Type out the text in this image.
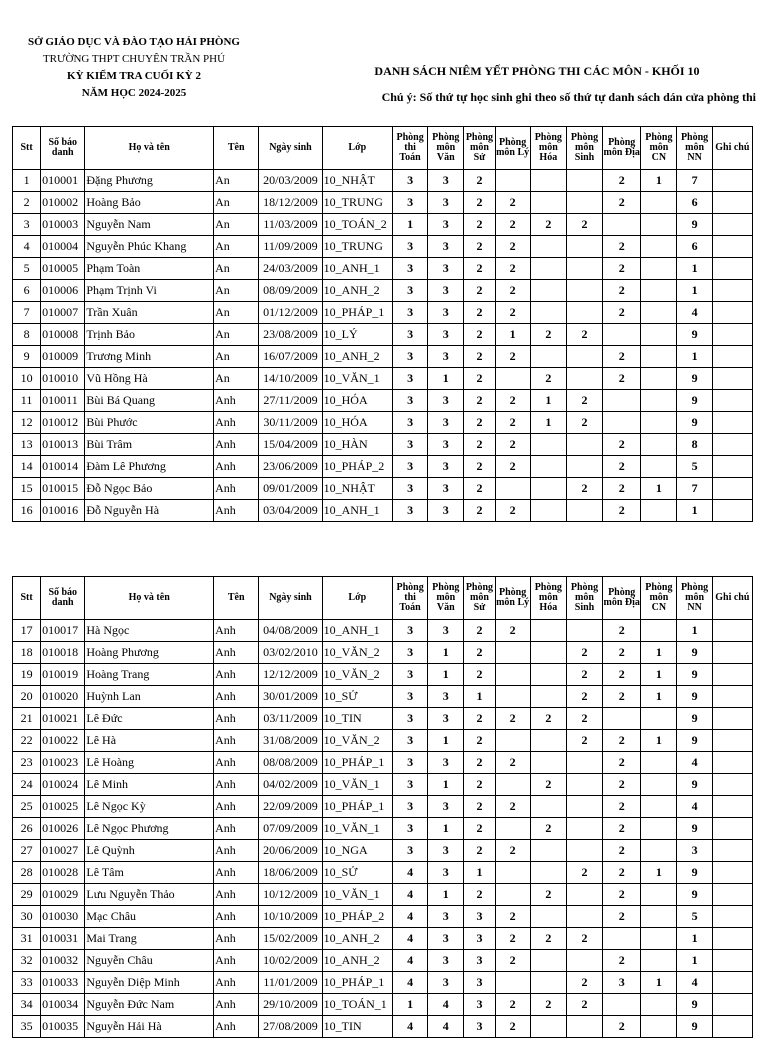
SỞ GIÁO DỤC VÀ ĐÀO TẠO HẢI PHÒNG
TRƯỜNG THPT CHUYÊN TRẦN PHÚ
KỲ KIỂM TRA CUỐI KỲ 2
NĂM HỌC 2024-2025
DANH SÁCH NIÊM YẾT PHÒNG THI CÁC MÔN - KHỐI 10
Chú ý: Số thứ tự học sinh ghi theo số thứ tự danh sách dán cửa phòng thi
Stt	Số báo danh	Họ và tên	Tên	Ngày sinh	Lớp	Phòng thi Toán	Phòng môn Văn	Phòng môn Sử	Phòng môn Lý	Phòng môn Hóa	Phòng môn Sinh	Phòng môn Địa	Phòng môn CN	Phòng môn NN	Ghi chú
1	010001	Đặng Phương	An	20/03/2009	10_NHẬT	3	3	2				2	1	7	
2	010002	Hoàng Bảo	An	18/12/2009	10_TRUNG	3	3	2	2			2		6	
3	010003	Nguyễn Nam	An	11/03/2009	10_TOÁN_2	1	3	2	2	2	2			9	
4	010004	Nguyễn Phúc Khang	An	11/09/2009	10_TRUNG	3	3	2	2			2		6	
5	010005	Phạm Toàn	An	24/03/2009	10_ANH_1	3	3	2	2			2		1	
6	010006	Phạm Trịnh Vi	An	08/09/2009	10_ANH_2	3	3	2	2			2		1	
7	010007	Trần Xuân	An	01/12/2009	10_PHÁP_1	3	3	2	2			2		4	
8	010008	Trịnh Bảo	An	23/08/2009	10_LÝ	3	3	2	1	2	2			9	
9	010009	Trương Minh	An	16/07/2009	10_ANH_2	3	3	2	2			2		1	
10	010010	Vũ Hồng Hà	An	14/10/2009	10_VĂN_1	3	1	2		2		2		9	
11	010011	Bùi Bá Quang	Anh	27/11/2009	10_HÓA	3	3	2	2	1	2			9	
12	010012	Bùi Phước	Anh	30/11/2009	10_HÓA	3	3	2	2	1	2			9	
13	010013	Bùi Trâm	Anh	15/04/2009	10_HÀN	3	3	2	2			2		8	
14	010014	Đàm Lê Phương	Anh	23/06/2009	10_PHÁP_2	3	3	2	2			2		5	
15	010015	Đỗ Ngọc Bảo	Anh	09/01/2009	10_NHẬT	3	3	2			2	2	1	7	
16	010016	Đỗ Nguyễn Hà	Anh	03/04/2009	10_ANH_1	3	3	2	2			2		1	
Stt	Số báo danh	Họ và tên	Tên	Ngày sinh	Lớp	Phòng thi Toán	Phòng môn Văn	Phòng môn Sử	Phòng môn Lý	Phòng môn Hóa	Phòng môn Sinh	Phòng môn Địa	Phòng môn CN	Phòng môn NN	Ghi chú
17	010017	Hà Ngọc	Anh	04/08/2009	10_ANH_1	3	3	2	2			2		1	
18	010018	Hoàng Phương	Anh	03/02/2010	10_VĂN_2	3	1	2			2	2	1	9	
19	010019	Hoàng Trang	Anh	12/12/2009	10_VĂN_2	3	1	2			2	2	1	9	
20	010020	Huỳnh Lan	Anh	30/01/2009	10_SỬ	3	3	1			2	2	1	9	
21	010021	Lê Đức	Anh	03/11/2009	10_TIN	3	3	2	2	2	2			9	
22	010022	Lê Hà	Anh	31/08/2009	10_VĂN_2	3	1	2			2	2	1	9	
23	010023	Lê Hoàng	Anh	08/08/2009	10_PHÁP_1	3	3	2	2			2		4	
24	010024	Lê Minh	Anh	04/02/2009	10_VĂN_1	3	1	2		2		2		9	
25	010025	Lê Ngọc Kỳ	Anh	22/09/2009	10_PHÁP_1	3	3	2	2			2		4	
26	010026	Lê Ngọc Phương	Anh	07/09/2009	10_VĂN_1	3	1	2		2		2		9	
27	010027	Lê Quỳnh	Anh	20/06/2009	10_NGA	3	3	2	2			2		3	
28	010028	Lê Tâm	Anh	18/06/2009	10_SỬ	4	3	1			2	2	1	9	
29	010029	Lưu Nguyễn Thảo	Anh	10/12/2009	10_VĂN_1	4	1	2		2		2		9	
30	010030	Mạc Châu	Anh	10/10/2009	10_PHÁP_2	4	3	3	2			2		5	
31	010031	Mai Trang	Anh	15/02/2009	10_ANH_2	4	3	3	2	2	2			1	
32	010032	Nguyễn Châu	Anh	10/02/2009	10_ANH_2	4	3	3	2			2		1	
33	010033	Nguyễn Diệp Minh	Anh	11/01/2009	10_PHÁP_1	4	3	3			2	3	1	4	
34	010034	Nguyễn Đức Nam	Anh	29/10/2009	10_TOÁN_1	1	4	3	2	2	2			9	
35	010035	Nguyễn Hải Hà	Anh	27/08/2009	10_TIN	4	4	3	2			2		9	
